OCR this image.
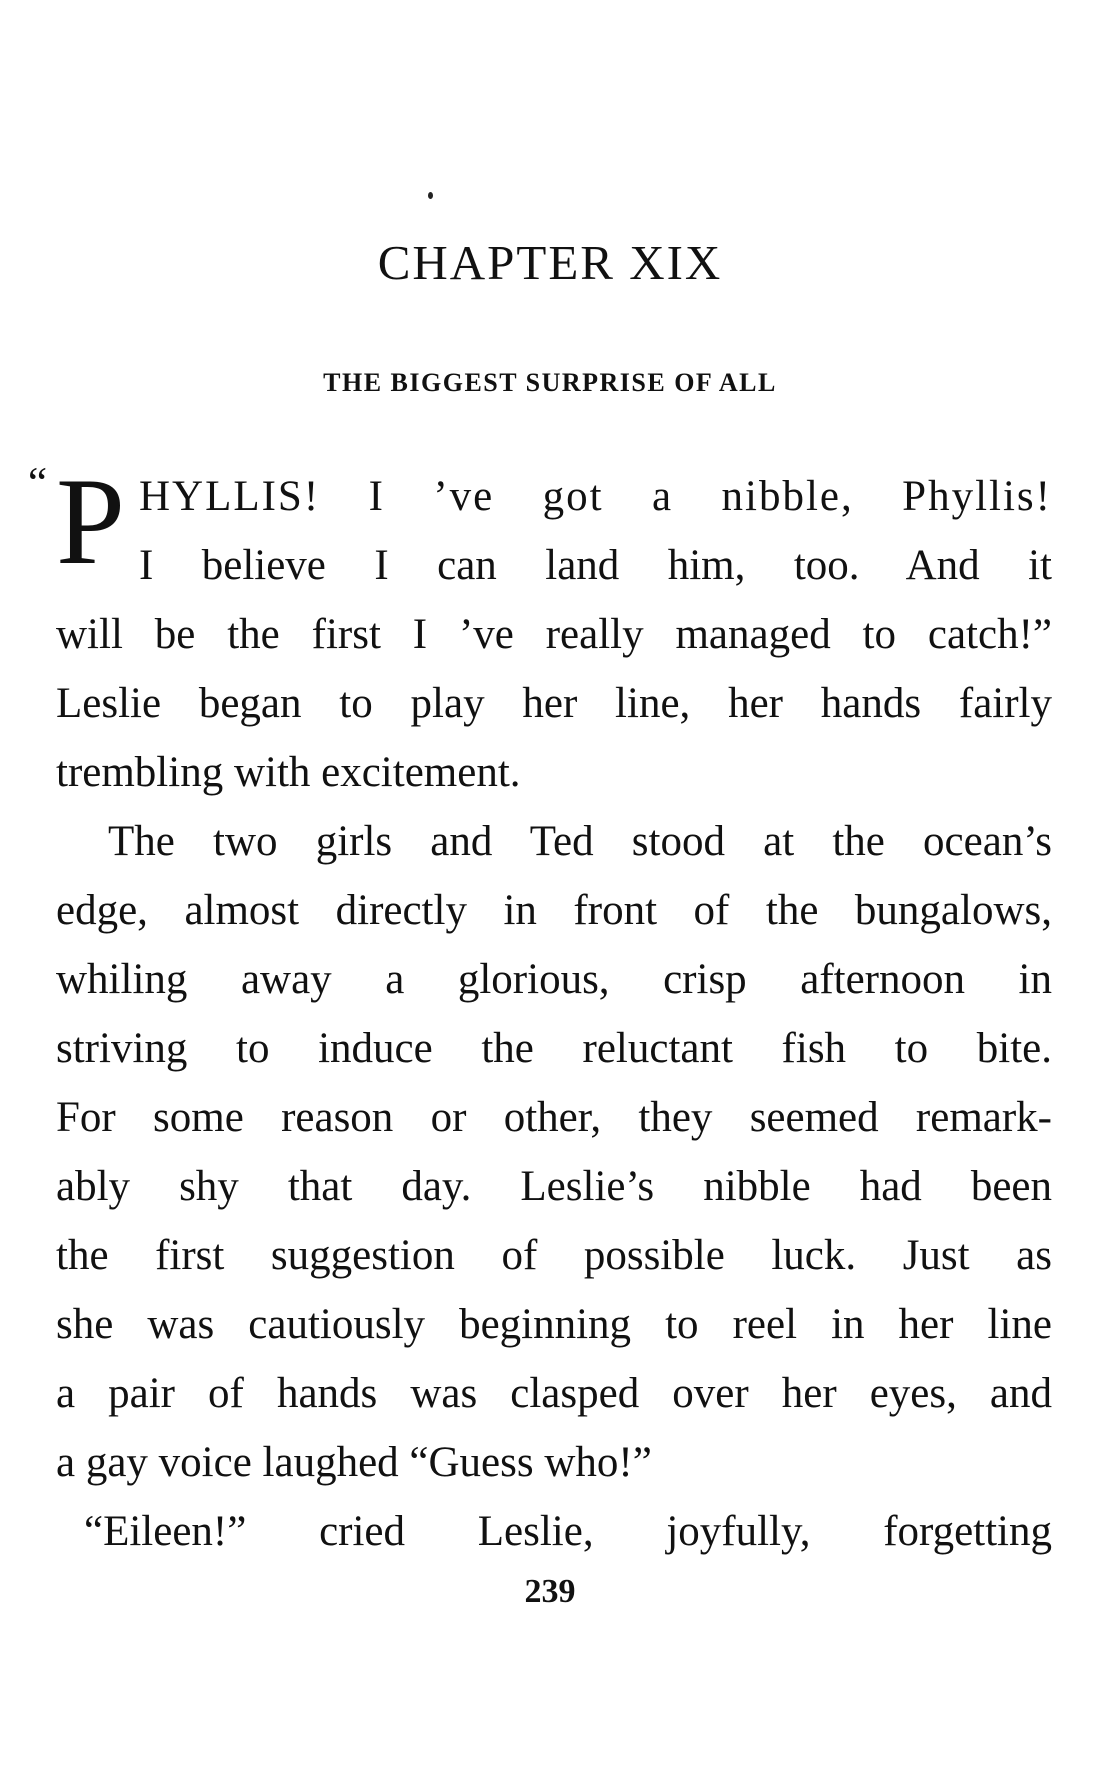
CHAPTER XIX
THE BIGGEST SURPRISE OF ALL
“ P HYLLIS! I ’ve got a nibble, Phyllis!
I believe I can land him, too. And it
will be the first I ’ve really managed to catch!”
Leslie began to play her line, her hands fairly
trembling with excitement.
The two girls and Ted stood at the ocean’s
edge, almost directly in front of the bungalows,
whiling away a glorious, crisp afternoon in
striving to induce the reluctant fish to bite.
For some reason or other, they seemed remark-
ably shy that day. Leslie’s nibble had been
the first suggestion of possible luck. Just as
she was cautiously beginning to reel in her line
a pair of hands was clasped over her eyes, and
a gay voice laughed “Guess who!”
“Eileen!” cried Leslie, joyfully, forgetting
239
